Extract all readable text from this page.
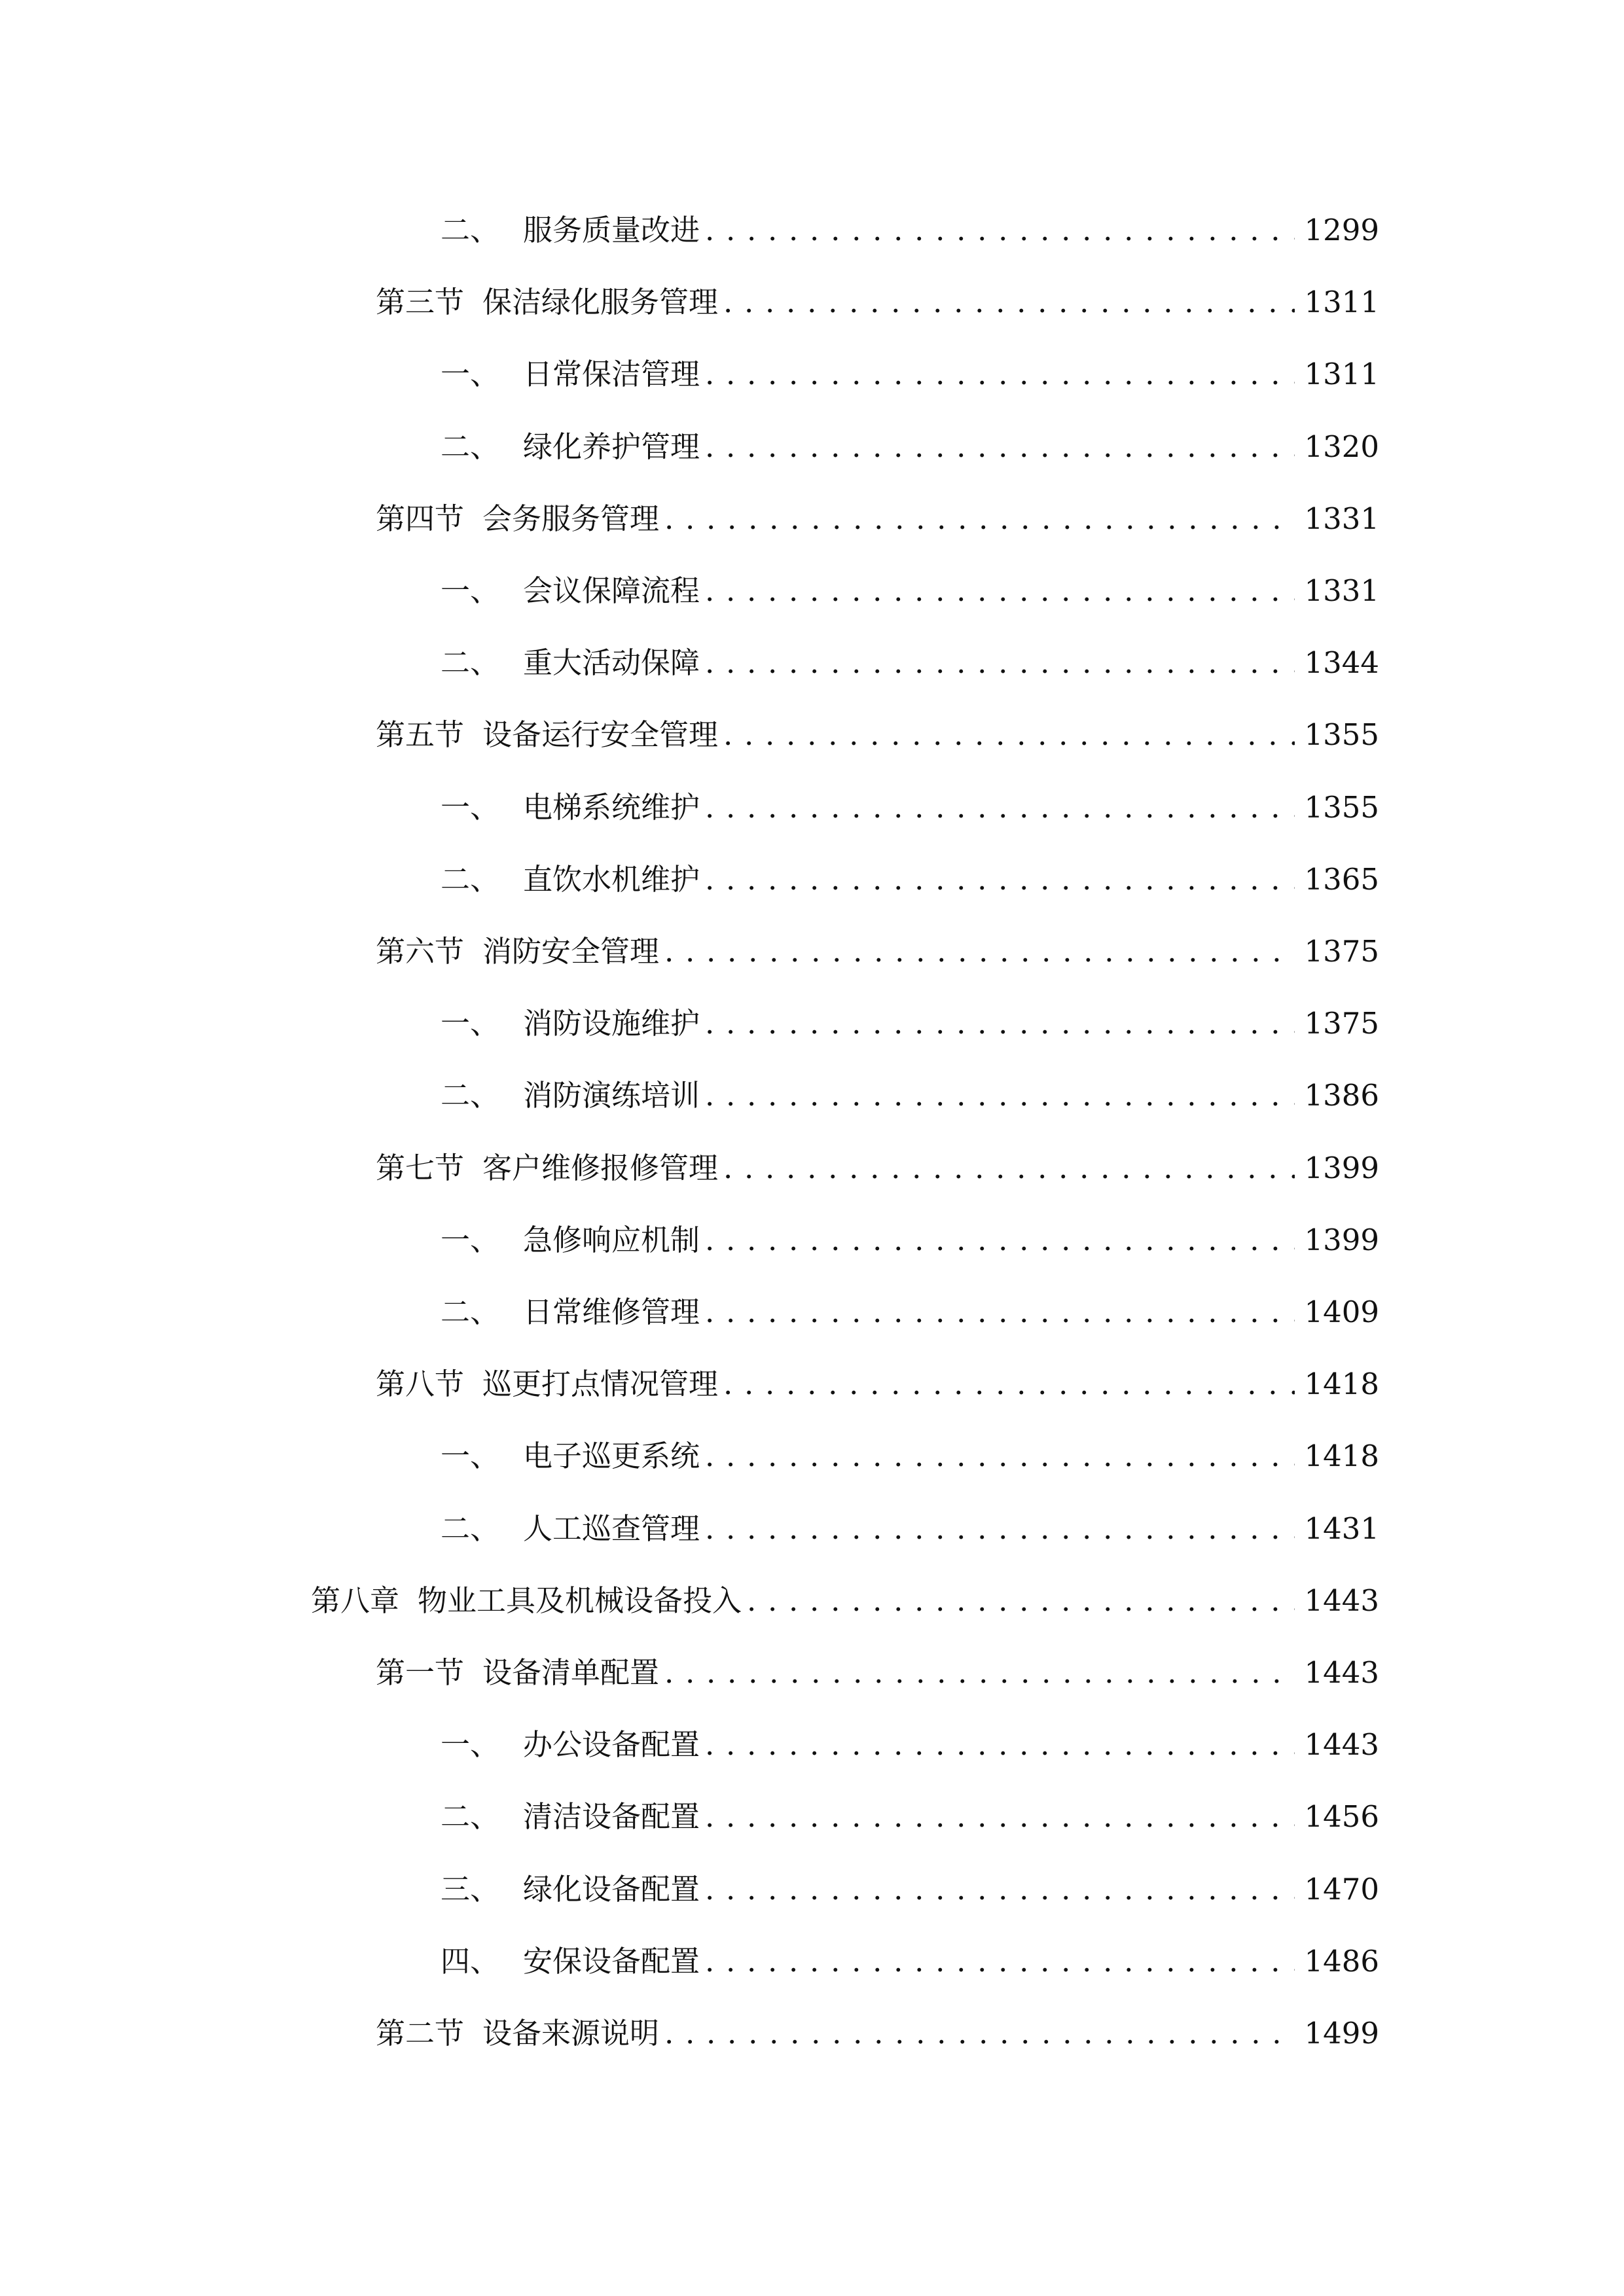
二、 服务质量改进 . . .	1299
第三节 保洁绿化服务管理 . . .	1311
一、 日常保洁管理 . . .	1311
二、 绿化养护管理 . . .	1320
第四节 会务服务管理 . . .	1331
一、 会议保障流程 . . .	1331
二、 重大活动保障 . . .	1344
第五节 设备运行安全管理 . . .	1355
一、 电梯系统维护 . . .	1355
二、 直饮水机维护 . . .	1365
第六节 消防安全管理 . . .	1375
一、 消防设施维护 . . .	1375
二、 消防演练培训 . . .	1386
第七节 客户维修报修管理 . . .	1399
一、 急修响应机制 . . .	1399
二、 日常维修管理 . . .	1409
第八节 巡更打点情况管理 . . .	1418
一、 电子巡更系统 . . .	1418
二、 人工巡查管理 . . .	1431
第八章 物业工具及机械设备投入 . . .	1443
第一节 设备清单配置 . . .	1443
一、 办公设备配置 . . .	1443
二、 清洁设备配置 . . .	1456
三、 绿化设备配置 . . .	1470
四、 安保设备配置 . . .	1486
第二节 设备来源说明 . . .	1499
